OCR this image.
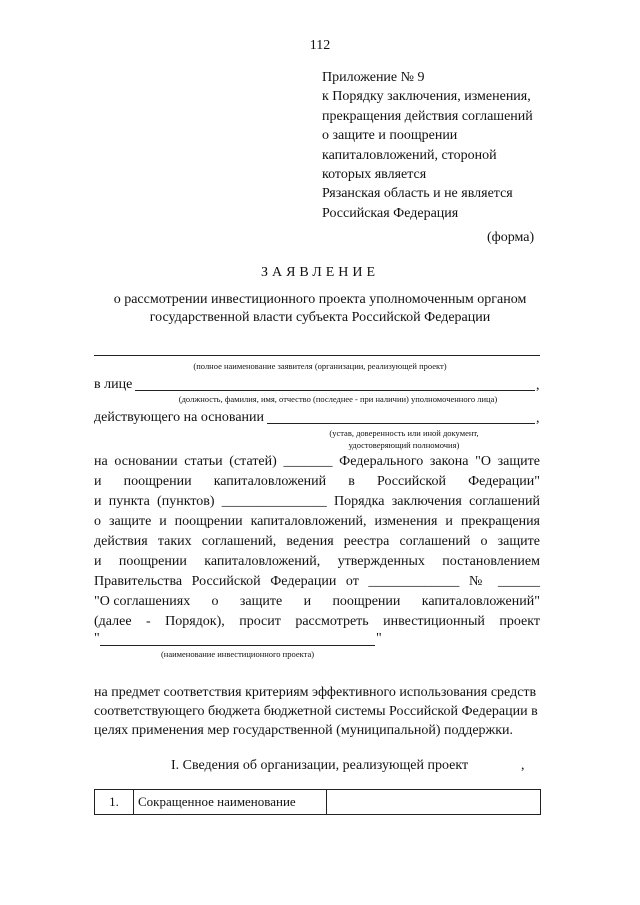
112
Приложение № 9
к Порядку заключения, изменения,
прекращения действия соглашений
о защите и поощрении
капиталовложений, стороной
которых является
Рязанская область и не является
Российская Федерация
(форма)
ЗАЯВЛЕНИЕ
о рассмотрении инвестиционного проекта уполномоченным органом
государственной власти субъекта Российской Федерации
(полное наименование заявителя (организации, реализующей проект)
в лице	,
(должность, фамилия, имя, отчество (последнее - при наличии) уполномоченного лица)
действующего на основании	,
(устав, доверенность или иной документ,
удостоверяющий полномочия)
на основании статьи (статей) _______ Федерального закона "О защите
и поощрении капиталовложений в Российской Федерации"
и пункта (пунктов) _______________ Порядка заключения соглашений
о защите и поощрении капиталовложений, изменения и прекращения
действия таких соглашений, ведения реестра соглашений о защите
и поощрении капиталовложений, утвержденных постановлением
Правительства Российской Федерации от _____________ № ______
"О соглашениях о защите и поощрении капиталовложений"
(далее - Порядок), просит рассмотреть инвестиционный проект
"	"
(наименование инвестиционного проекта)
на предмет соответствия критериям эффективного использования средств
соответствующего бюджета бюджетной системы Российской Федерации в
целях применения мер государственной (муниципальной) поддержки.
I. Сведения об организации, реализующей проект	,
1.	Сокращенное наименование	
